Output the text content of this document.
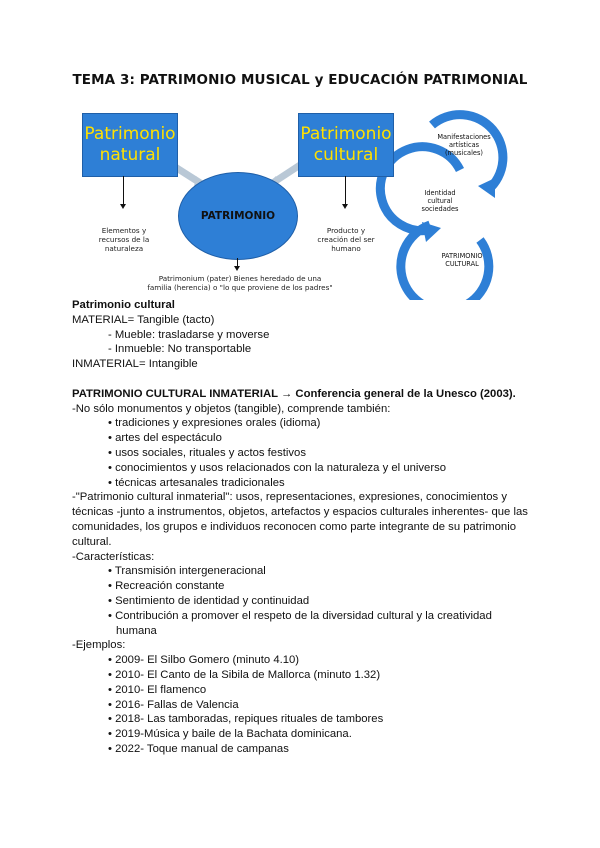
TEMA 3: PATRIMONIO MUSICAL y EDUCACIÓN PATRIMONIAL
Patrimonio
natural
Patrimonio
cultural
PATRIMONIO
Elementos y
recursos de la
naturaleza
Producto y
creación del ser
humano
Patrimonium (pater) Bienes heredado de una
familia (herencia) o "lo que proviene de los padres"
Manifestaciones
artísticas
(musicales)
Identidad
cultural
sociedades
PATRIMONIO
CULTURAL
Patrimonio cultural
MATERIAL= Tangible (tacto)
- Mueble: trasladarse y moverse
- Inmueble: No transportable
INMATERIAL= Intangible
PATRIMONIO CULTURAL INMATERIAL → Conferencia general de la Unesco (2003).
-No sólo monumentos y objetos (tangible), comprende también:
• tradiciones y expresiones orales (idioma)
• artes del espectáculo
• usos sociales, rituales y actos festivos
• conocimientos y usos relacionados con la naturaleza y el universo
• técnicas artesanales tradicionales
-"Patrimonio cultural inmaterial": usos, representaciones, expresiones, conocimientos y
técnicas -junto a instrumentos, objetos, artefactos y espacios culturales inherentes- que las
comunidades, los grupos e individuos reconocen como parte integrante de su patrimonio
cultural.
-Características:
• Transmisión intergeneracional
• Recreación constante
• Sentimiento de identidad y continuidad
• Contribución a promover el respeto de la diversidad cultural y la creatividad
humana
-Ejemplos:
• 2009- El Silbo Gomero (minuto 4.10)
• 2010- El Canto de la Sibila de Mallorca (minuto 1.32)
• 2010- El flamenco
• 2016- Fallas de Valencia
• 2018- Las tamboradas, repiques rituales de tambores
• 2019-Música y baile de la Bachata dominicana.
• 2022- Toque manual de campanas
